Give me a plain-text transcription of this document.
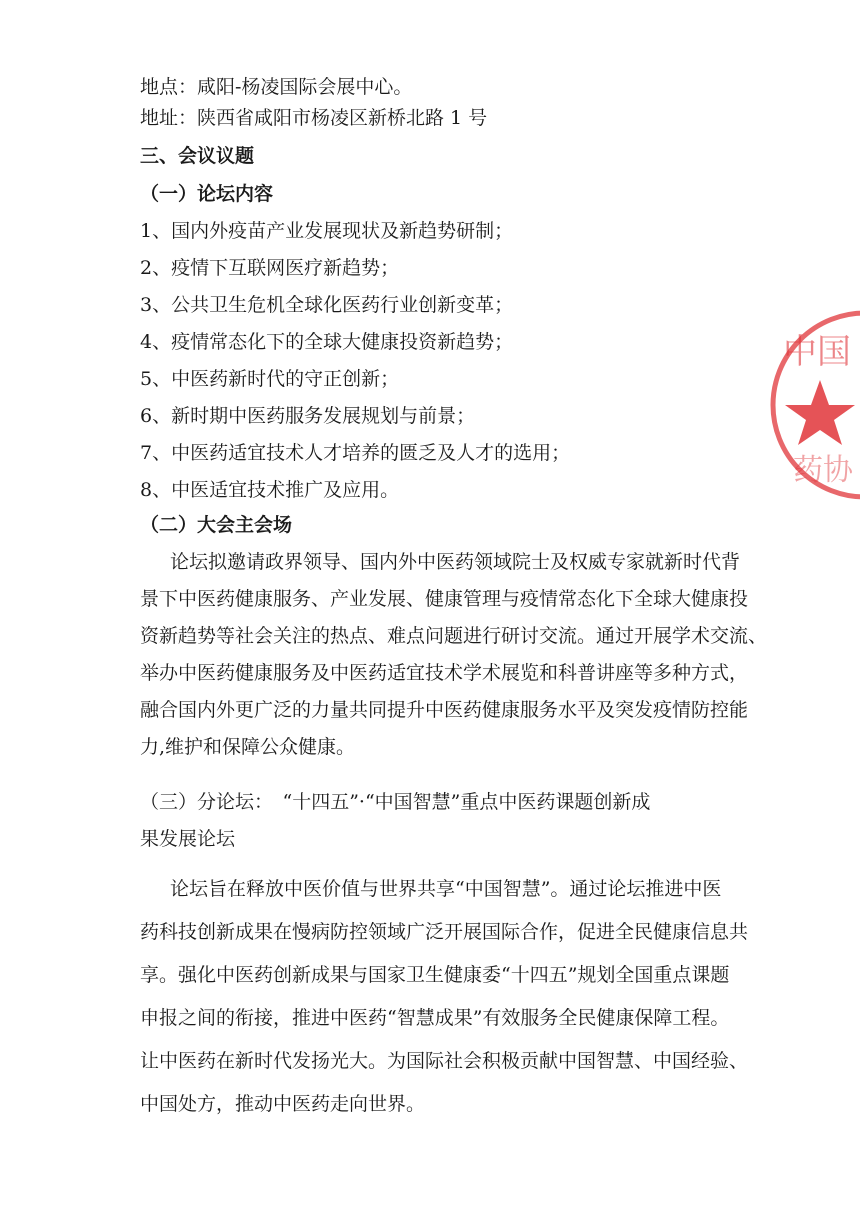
地点：咸阳-杨凌国际会展中心。
地址：陕西省咸阳市杨凌区新桥北路 1 号
三、会议议题
（一）论坛内容
1、国内外疫苗产业发展现状及新趋势研制；
2、疫情下互联网医疗新趋势；
3、公共卫生危机全球化医药行业创新变革；
4、疫情常态化下的全球大健康投资新趋势；
5、中医药新时代的守正创新；
6、新时期中医药服务发展规划与前景；
7、中医药适宜技术人才培养的匮乏及人才的选用；
8、中医适宜技术推广及应用。
（二）大会主会场
论坛拟邀请政界领导、国内外中医药领域院士及权威专家就新时代背
景下中医药健康服务、产业发展、健康管理与疫情常态化下全球大健康投
资新趋势等社会关注的热点、难点问题进行研讨交流。通过开展学术交流、
举办中医药健康服务及中医药适宜技术学术展览和科普讲座等多种方式，
融合国内外更广泛的力量共同提升中医药健康服务水平及突发疫情防控能
力,维护和保障公众健康。
（三）分论坛：　“十四五”·“中国智慧”重点中医药课题创新成
果发展论坛
论坛旨在释放中医价值与世界共享“中国智慧”。通过论坛推进中医
药科技创新成果在慢病防控领域广泛开展国际合作，促进全民健康信息共
享。强化中医药创新成果与国家卫生健康委“十四五”规划全国重点课题
申报之间的衔接，推进中医药“智慧成果”有效服务全民健康保障工程。
让中医药在新时代发扬光大。为国际社会积极贡献中国智慧、中国经验、
中国处方，推动中医药走向世界。
中国
药协
